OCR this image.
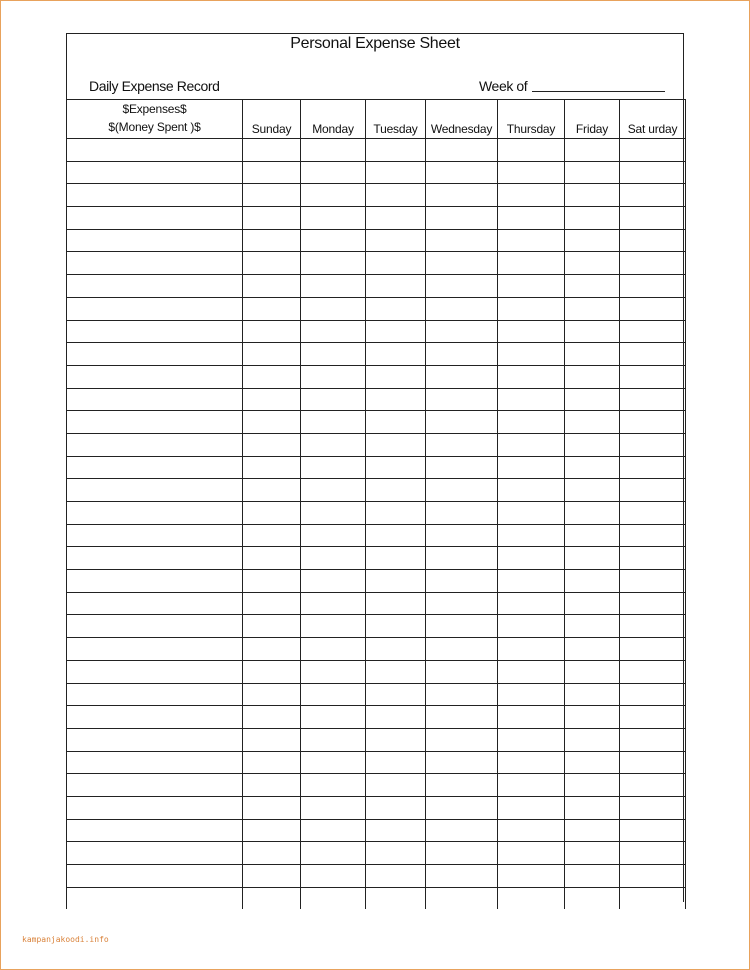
Personal Expense Sheet
Daily Expense Record	Week of
$Expenses$
$(Money Spent )$	Sunday	Monday	Tuesday	Wednesday	Thursday	Friday	Sat urday

kampanjakoodi.info
